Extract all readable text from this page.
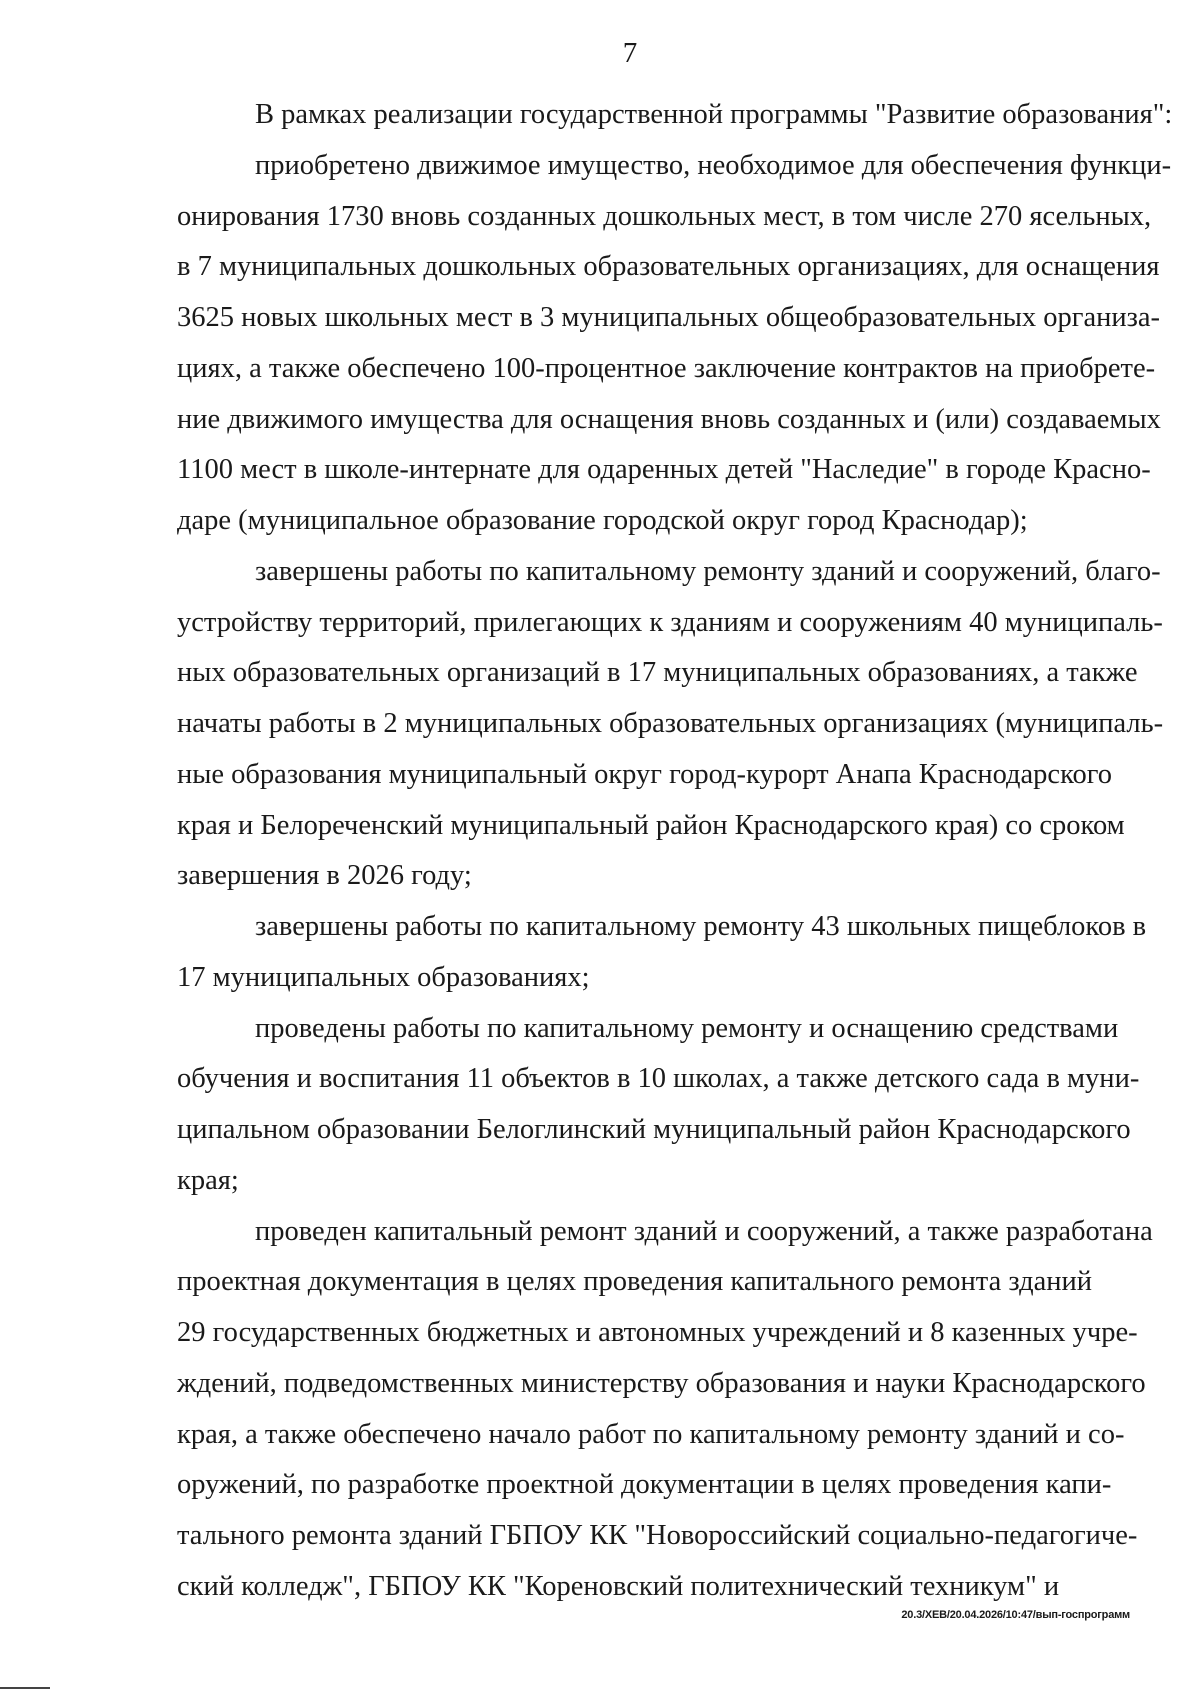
7
В рамках реализации государственной программы "Развитие образования":
приобретено движимое имущество, необходимое для обеспечения функци-
онирования 1730 вновь созданных дошкольных мест, в том числе 270 ясельных,
в 7 муниципальных дошкольных образовательных организациях, для оснащения
3625 новых школьных мест в 3 муниципальных общеобразовательных организа-
циях, а также обеспечено 100-процентное заключение контрактов на приобрете-
ние движимого имущества для оснащения вновь созданных и (или) создаваемых
1100 мест в школе-интернате для одаренных детей "Наследие" в городе Красно-
даре (муниципальное образование городской округ город Краснодар);
завершены работы по капитальному ремонту зданий и сооружений, благо-
устройству территорий, прилегающих к зданиям и сооружениям 40 муниципаль-
ных образовательных организаций в 17 муниципальных образованиях, а также
начаты работы в 2 муниципальных образовательных организациях (муниципаль-
ные образования муниципальный округ город-курорт Анапа Краснодарского
края и Белореченский муниципальный район Краснодарского края) со сроком
завершения в 2026 году;
завершены работы по капитальному ремонту 43 школьных пищеблоков в
17 муниципальных образованиях;
проведены работы по капитальному ремонту и оснащению средствами
обучения и воспитания 11 объектов в 10 школах, а также детского сада в муни-
ципальном образовании Белоглинский муниципальный район Краснодарского
края;
проведен капитальный ремонт зданий и сооружений, а также разработана
проектная документация в целях проведения капитального ремонта зданий
29 государственных бюджетных и автономных учреждений и 8 казенных учре-
ждений, подведомственных министерству образования и науки Краснодарского
края, а также обеспечено начало работ по капитальному ремонту зданий и со-
оружений, по разработке проектной документации в целях проведения капи-
тального ремонта зданий ГБПОУ КК "Новороссийский социально-педагогиче-
ский колледж", ГБПОУ КК "Кореновский политехнический техникум" и
20.3/ХЕВ/20.04.2026/10:47/вып-госпрограмм
